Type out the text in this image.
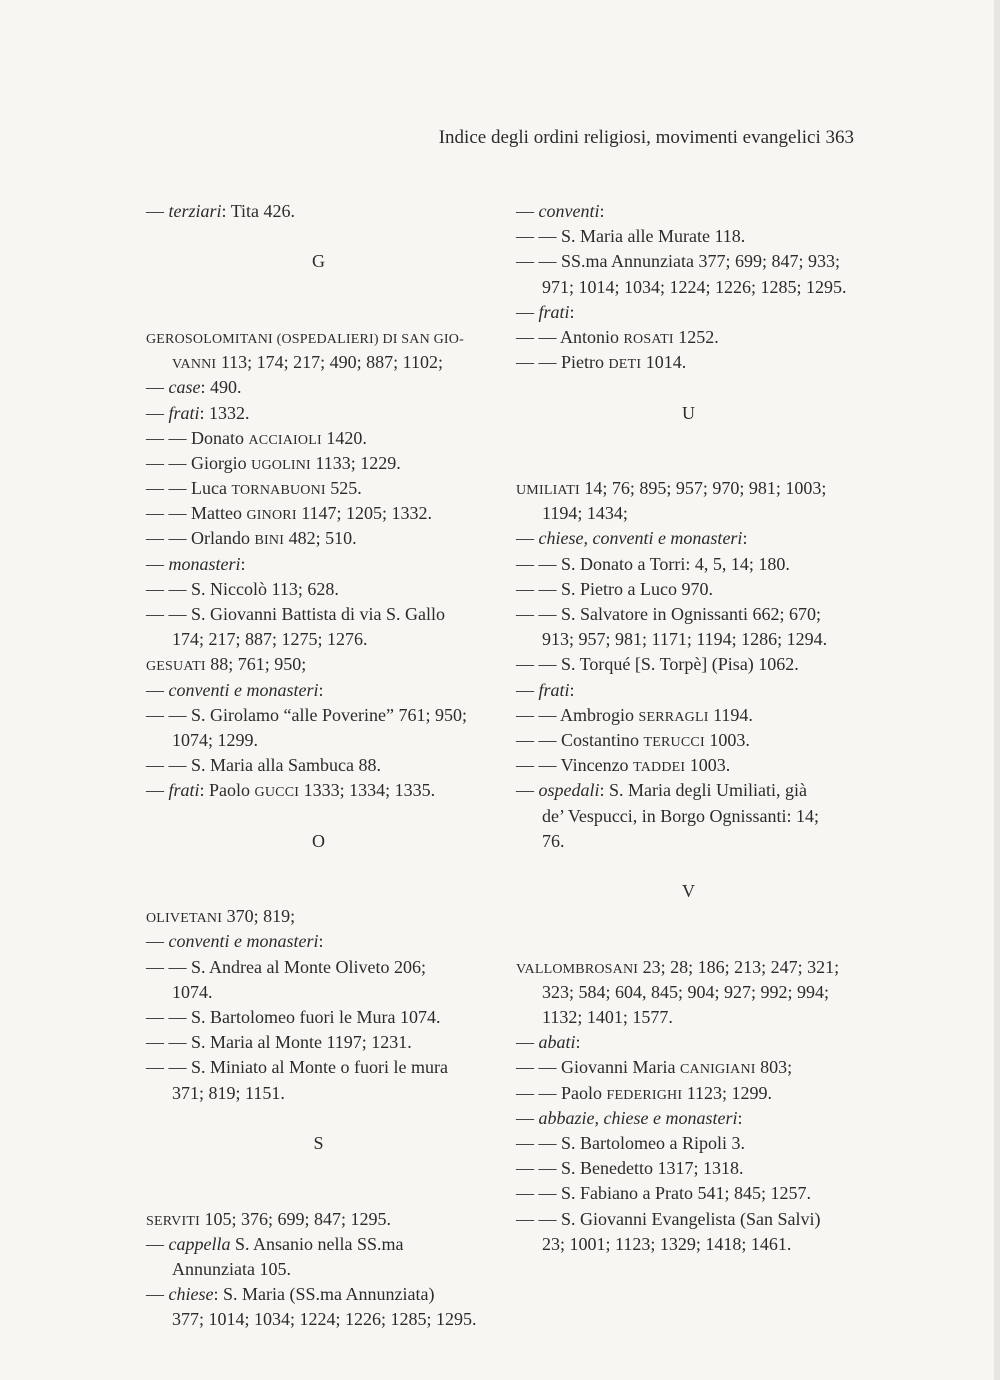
Indice degli ordini religiosi, movimenti evangelici 363
— terziari: Tita 426.
G
GEROSOLOMITANI (OSPEDALIERI) DI SAN GIO-
VANNI 113; 174; 217; 490; 887; 1102;
— case: 490.
— frati: 1332.
— — Donato ACCIAIOLI 1420.
— — Giorgio UGOLINI 1133; 1229.
— — Luca TORNABUONI 525.
— — Matteo GINORI 1147; 1205; 1332.
— — Orlando BINI 482; 510.
— monasteri:
— — S. Niccolò 113; 628.
— — S. Giovanni Battista di via S. Gallo
174; 217; 887; 1275; 1276.
GESUATI 88; 761; 950;
— conventi e monasteri:
— — S. Girolamo “alle Poverine” 761; 950;
1074; 1299.
— — S. Maria alla Sambuca 88.
— frati: Paolo GUCCI 1333; 1334; 1335.
O
OLIVETANI 370; 819;
— conventi e monasteri:
— — S. Andrea al Monte Oliveto 206;
1074.
— — S. Bartolomeo fuori le Mura 1074.
— — S. Maria al Monte 1197; 1231.
— — S. Miniato al Monte o fuori le mura
371; 819; 1151.
S
SERVITI 105; 376; 699; 847; 1295.
— cappella S. Ansanio nella SS.ma
Annunziata 105.
— chiese: S. Maria (SS.ma Annunziata)
377; 1014; 1034; 1224; 1226; 1285; 1295.
— conventi:
— — S. Maria alle Murate 118.
— — SS.ma Annunziata 377; 699; 847; 933;
971; 1014; 1034; 1224; 1226; 1285; 1295.
— frati:
— — Antonio ROSATI 1252.
— — Pietro DETI 1014.
U
UMILIATI 14; 76; 895; 957; 970; 981; 1003;
1194; 1434;
— chiese, conventi e monasteri:
— — S. Donato a Torri: 4, 5, 14; 180.
— — S. Pietro a Luco 970.
— — S. Salvatore in Ognissanti 662; 670;
913; 957; 981; 1171; 1194; 1286; 1294.
— — S. Torqué [S. Torpè] (Pisa) 1062.
— frati:
— — Ambrogio SERRAGLI 1194.
— — Costantino TERUCCI 1003.
— — Vincenzo TADDEI 1003.
— ospedali: S. Maria degli Umiliati, già
de’ Vespucci, in Borgo Ognissanti: 14;
76.
V
VALLOMBROSANI 23; 28; 186; 213; 247; 321;
323; 584; 604, 845; 904; 927; 992; 994;
1132; 1401; 1577.
— abati:
— — Giovanni Maria CANIGIANI 803;
— — Paolo FEDERIGHI 1123; 1299.
— abbazie, chiese e monasteri:
— — S. Bartolomeo a Ripoli 3.
— — S. Benedetto 1317; 1318.
— — S. Fabiano a Prato 541; 845; 1257.
— — S. Giovanni Evangelista (San Salvi)
23; 1001; 1123; 1329; 1418; 1461.
